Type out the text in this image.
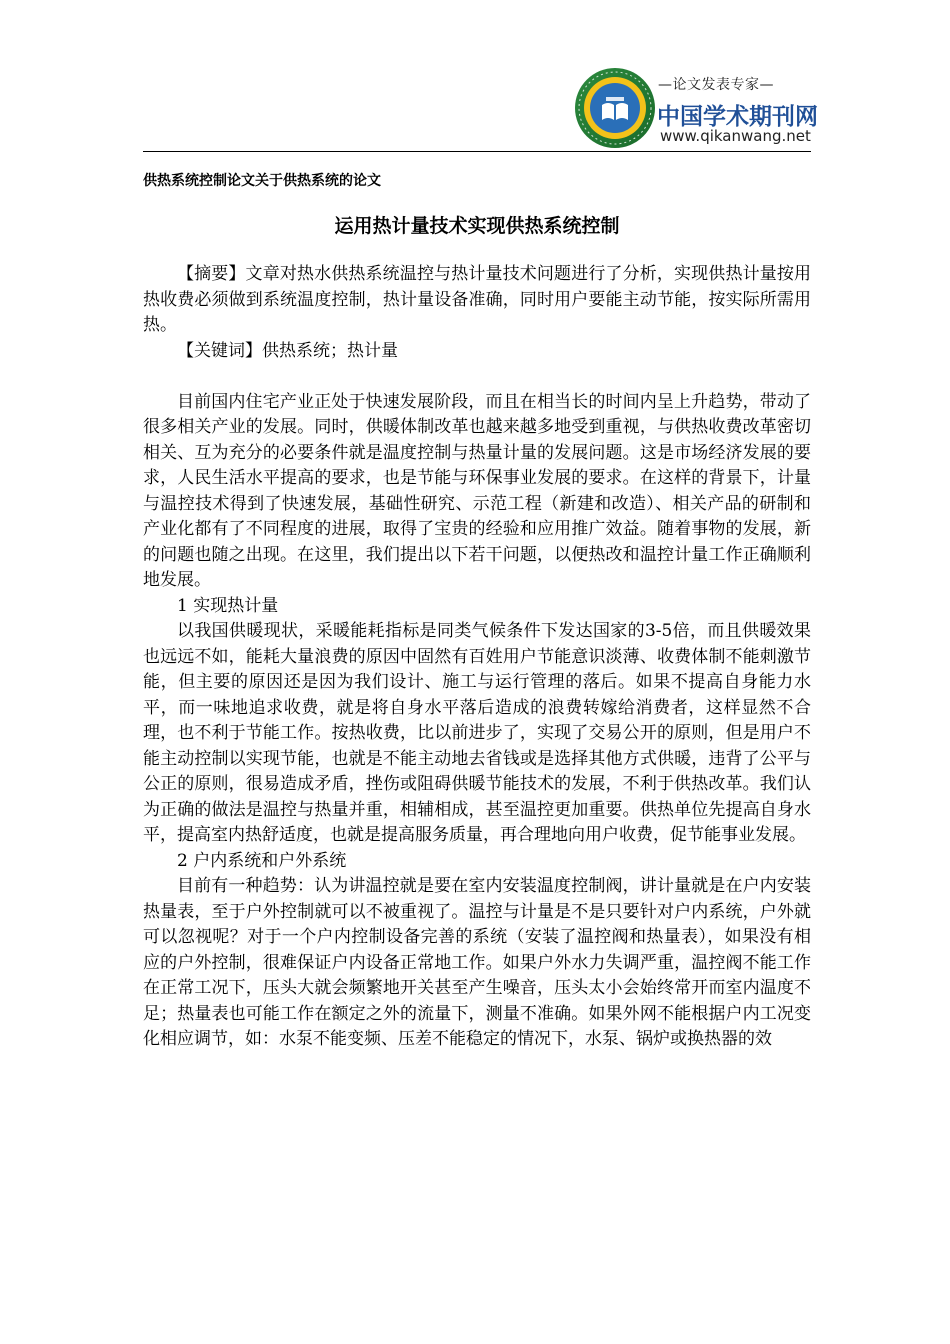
—论文发表专家—
中国学术期刊网
www.qikanwang.net
供热系统控制论文关于供热系统的论文
运用热计量技术实现供热系统控制

【摘要】文章对热水供热系统温控与热计量技术问题进行了分析，实现供热计量按用热收费必须做到系统温度控制，热计量设备准确，同时用户要能主动节能，按实际所需用热。

【关键词】供热系统；热计量

目前国内住宅产业正处于快速发展阶段，而且在相当长的时间内呈上升趋势，带动了很多相关产业的发展。同时，供暖体制改革也越来越多地受到重视，与供热收费改革密切相关、互为充分的必要条件就是温度控制与热量计量的发展问题。这是市场经济发展的要求，人民生活水平提高的要求，也是节能与环保事业发展的要求。在这样的背景下，计量与温控技术得到了快速发展，基础性研究、示范工程（新建和改造）、相关产品的研制和产业化都有了不同程度的进展，取得了宝贵的经验和应用推广效益。随着事物的发展，新的问题也随之出现。在这里，我们提出以下若干问题，以便热改和温控计量工作正确顺利地发展。

1 实现热计量

以我国供暖现状，采暖能耗指标是同类气候条件下发达国家的3-5倍，而且供暖效果也远远不如，能耗大量浪费的原因中固然有百姓用户节能意识淡薄、收费体制不能刺激节能，但主要的原因还是因为我们设计、施工与运行管理的落后。如果不提高自身能力水平，而一味地追求收费，就是将自身水平落后造成的浪费转嫁给消费者，这样显然不合理，也不利于节能工作。按热收费，比以前进步了，实现了交易公开的原则，但是用户不能主动控制以实现节能，也就是不能主动地去省钱或是选择其他方式供暖，违背了公平与公正的原则，很易造成矛盾，挫伤或阻碍供暖节能技术的发展，不利于供热改革。我们认为正确的做法是温控与热量并重，相辅相成，甚至温控更加重要。供热单位先提高自身水平，提高室内热舒适度，也就是提高服务质量，再合理地向用户收费，促节能事业发展。

2 户内系统和户外系统

目前有一种趋势：认为讲温控就是要在室内安装温度控制阀，讲计量就是在户内安装热量表，至于户外控制就可以不被重视了。温控与计量是不是只要针对户内系统，户外就可以忽视呢？对于一个户内控制设备完善的系统（安装了温控阀和热量表），如果没有相应的户外控制，很难保证户内设备正常地工作。如果户外水力失调严重，温控阀不能工作在正常工况下，压头大就会频繁地开关甚至产生噪音，压头太小会始终常开而室内温度不足；热量表也可能工作在额定之外的流量下，测量不准确。如果外网不能根据户内工况变化相应调节，如：水泵不能变频、压差不能稳定的情况下，水泵、锅炉或换热器的效
